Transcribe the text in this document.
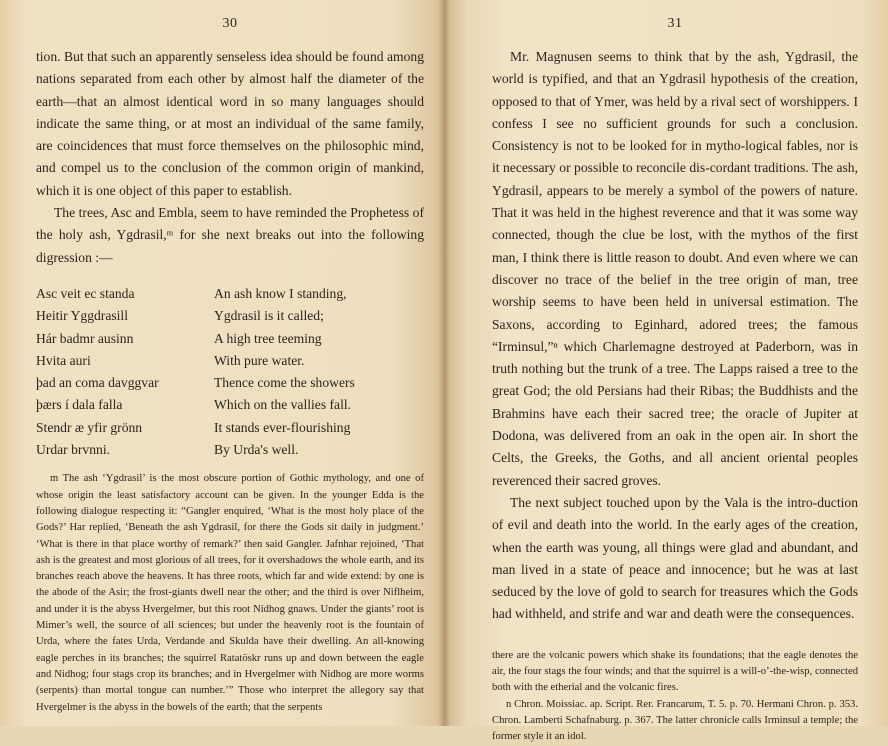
30

tion. But that such an apparently senseless idea should be found among nations separated from each other by almost half the diameter of the earth—that an almost identical word in so many languages should indicate the same thing, or at most an individual of the same family, are coincidences that must force themselves on the philosophic mind, and compel us to the conclusion of the common origin of mankind, which it is one object of this paper to establish.

The trees, Asc and Embla, seem to have reminded the Prophetess of the holy ash, Ygdrasil,ᵐ for she next breaks out into the following digression :—

Asc veit ec standa
Heitir Yggdrasill
Hár badmr ausinn
Hvita auri
þad an coma davggvar
þærs í dala falla
Stendr æ yfir grönn
Urdar brvnni.
An ash know I standing,
Ygdrasil is it called;
A high tree teeming
With pure water.
Thence come the showers
Which on the vallies fall.
It stands ever-flourishing
By Urda's well.
m The ash ‘Ygdrasil’ is the most obscure portion of Gothic mythology, and one of whose origin the least satisfactory account can be given. In the younger Edda is the following dialogue respecting it: “Gangler enquired, ‘What is the most holy place of the Gods?’ Har replied, ‘Beneath the ash Ygdrasil, for there the Gods sit daily in judgment.’ ‘What is there in that place worthy of remark?’ then said Gangler. Jafnhar rejoined, ‘That ash is the greatest and most glorious of all trees, for it overshadows the whole earth, and its branches reach above the heavens. It has three roots, which far and wide extend: by one is the abode of the Asir; the frost-giants dwell near the other; and the third is over Niflheim, and under it is the abyss Hvergelmer, but this root Nidhog gnaws. Under the giants’ root is Mimer’s well, the source of all sciences; but under the heavenly root is the fountain of Urda, where the fates Urda, Verdande and Skulda have their dwelling. An all-knowing eagle perches in its branches; the squirrel Ratatöskr runs up and down between the eagle and Nidhog; four stags crop its branches; and in Hvergelmer with Nidhog are more worms (serpents) than mortal tongue can number.’” Those who interpret the allegory say that Hvergelmer is the abyss in the bowels of the earth; that the serpents
31

Mr. Magnusen seems to think that by the ash, Ygdrasil, the world is typified, and that an Ygdrasil hypothesis of the creation, opposed to that of Ymer, was held by a rival sect of worshippers. I confess I see no sufficient grounds for such a conclusion. Consistency is not to be looked for in mytho-logical fables, nor is it necessary or possible to reconcile dis-cordant traditions. The ash, Ygdrasil, appears to be merely a symbol of the powers of nature. That it was held in the highest reverence and that it was some way connected, though the clue be lost, with the mythos of the first man, I think there is little reason to doubt. And even where we can discover no trace of the belief in the tree origin of man, tree worship seems to have been held in universal estimation. The Saxons, according to Eginhard, adored trees; the famous “Irminsul,”ⁿ which Charlemagne destroyed at Paderborn, was in truth nothing but the trunk of a tree. The Lapps raised a tree to the great God; the old Persians had their Ribas; the Buddhists and the Brahmins have each their sacred tree; the oracle of Jupiter at Dodona, was delivered from an oak in the open air. In short the Celts, the Greeks, the Goths, and all ancient oriental peoples reverenced their sacred groves.

The next subject touched upon by the Vala is the intro-duction of evil and death into the world. In the early ages of the creation, when the earth was young, all things were glad and abundant, and man lived in a state of peace and innocence; but he was at last seduced by the love of gold to search for treasures which the Gods had withheld, and strife and war and death were the consequences.

there are the volcanic powers which shake its foundations; that the eagle denotes the air, the four stags the four winds; and that the squirrel is a will-o’-the-wisp, connected both with the etherial and the volcanic fires.
n Chron. Moissiac. ap. Script. Rer. Francarum, T. 5. p. 70. Hermani Chron. p. 353. Chron. Lamberti Schafnaburg. p. 367. The latter chronicle calls Irminsul a temple; the former style it an idol.
